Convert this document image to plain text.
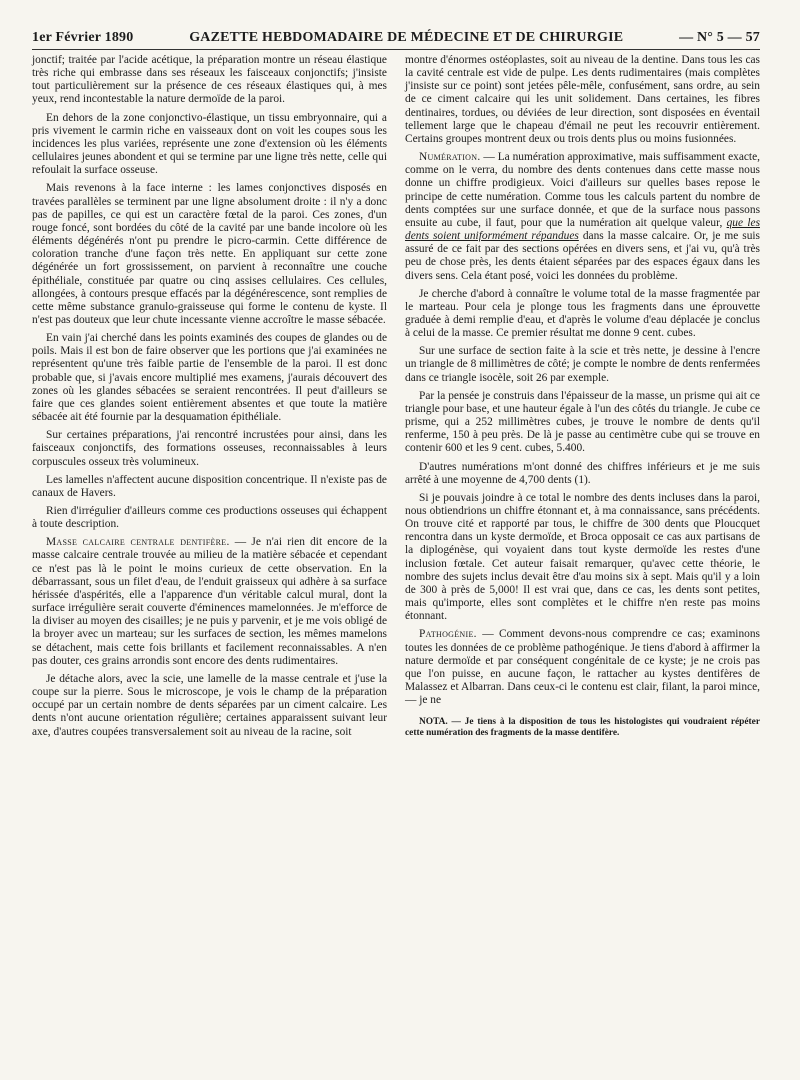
1er Février 1890	GAZETTE HEBDOMADAIRE DE MÉDECINE ET DE CHIRURGIE	— N° 5 — 57

jonctif; traitée par l'acide acétique, la préparation montre un réseau élastique très riche qui embrasse dans ses réseaux les faisceaux conjonctifs; j'insiste tout particulièrement sur la présence de ces réseaux élastiques qui, à mes yeux, rend incontestable la nature dermoïde de la paroi.

En dehors de la zone conjonctivo-élastique, un tissu embryonnaire, qui a pris vivement le carmin riche en vaisseaux dont on voit les coupes sous les incidences les plus variées, représente une zone d'extension où les éléments cellulaires jeunes abondent et qui se termine par une ligne très nette, celle qui refoulait la surface osseuse.

Mais revenons à la face interne : les lames conjonctives disposés en travées parallèles se terminent par une ligne absolument droite : il n'y a donc pas de papilles, ce qui est un caractère fœtal de la paroi. Ces zones, d'un rouge foncé, sont bordées du côté de la cavité par une bande incolore où les éléments dégénérés n'ont pu prendre le picro-carmin. Cette différence de coloration tranche d'une façon très nette. En appliquant sur cette zone dégénérée un fort grossissement, on parvient à reconnaître une couche épithéliale, constituée par quatre ou cinq assises cellulaires. Ces cellules, allongées, à contours presque effacés par la dégénérescence, sont remplies de cette même substance granulo-graisseuse qui forme le contenu de kyste. Il n'est pas douteux que leur chute incessante vienne accroître le masse sébacée.

En vain j'ai cherché dans les points examinés des coupes de glandes ou de poils. Mais il est bon de faire observer que les portions que j'ai examinées ne représentent qu'une très faible partie de l'ensemble de la paroi. Il est donc probable que, si j'avais encore multiplié mes examens, j'aurais découvert des zones où les glandes sébacées se seraient rencontrées. Il peut d'ailleurs se faire que ces glandes soient entièrement absentes et que toute la matière sébacée ait été fournie par la desquamation épithéliale.

Sur certaines préparations, j'ai rencontré incrustées pour ainsi, dans les faisceaux conjonctifs, des formations osseuses, reconnaissables à leurs corpuscules osseux très volumineux.

Les lamelles n'affectent aucune disposition concentrique. Il n'existe pas de canaux de Havers.

Rien d'irrégulier d'ailleurs comme ces productions osseuses qui échappent à toute description.

Masse calcaire centrale dentifère. — Je n'ai rien dit encore de la masse calcaire centrale trouvée au milieu de la matière sébacée et cependant ce n'est pas là le point le moins curieux de cette observation. En la débarrassant, sous un filet d'eau, de l'enduit graisseux qui adhère à sa surface hérissée d'aspérités, elle a l'apparence d'un véritable calcul mural, dont la surface irrégulière serait couverte d'éminences mamelonnées. Je m'efforce de la diviser au moyen des cisailles; je ne puis y parvenir, et je me vois obligé de la broyer avec un marteau; sur les surfaces de section, les mêmes mamelons se détachent, mais cette fois brillants et facilement reconnaissables. A n'en pas douter, ces grains arrondis sont encore des dents rudimentaires.

Je détache alors, avec la scie, une lamelle de la masse centrale et j'use la coupe sur la pierre. Sous le microscope, je vois le champ de la préparation occupé par un certain nombre de dents séparées par un ciment calcaire. Les dents n'ont aucune orientation régulière; certaines apparaissent suivant leur axe, d'autres coupées transversalement soit au niveau de la racine, soit

montre d'énormes ostéoplastes, soit au niveau de la dentine. Dans tous les cas la cavité centrale est vide de pulpe. Les dents rudimentaires (mais complètes j'insiste sur ce point) sont jetées pêle-mêle, confusément, sans ordre, au sein de ce ciment calcaire qui les unit solidement. Dans certaines, les fibres dentinaires, tordues, ou déviées de leur direction, sont disposées en éventail tellement large que le chapeau d'émail ne peut les recouvrir entièrement. Certains groupes montrent deux ou trois dents plus ou moins fusionnées.

Numération. — La numération approximative, mais suffisamment exacte, comme on le verra, du nombre des dents contenues dans cette masse nous donne un chiffre prodigieux. Voici d'ailleurs sur quelles bases repose le principe de cette numération. Comme tous les calculs partent du nombre de dents comptées sur une surface donnée, et que de la surface nous passons ensuite au cube, il faut, pour que la numération ait quelque valeur, que les dents soient uniformément répandues dans la masse calcaire. Or, je me suis assuré de ce fait par des sections opérées en divers sens, et j'ai vu, qu'à très peu de chose près, les dents étaient séparées par des espaces égaux dans les divers sens. Cela étant posé, voici les données du problème.

Je cherche d'abord à connaître le volume total de la masse fragmentée par le marteau. Pour cela je plonge tous les fragments dans une éprouvette graduée à demi remplie d'eau, et d'après le volume d'eau déplacée je conclus à celui de la masse. Ce premier résultat me donne 9 cent. cubes.

Sur une surface de section faite à la scie et très nette, je dessine à l'encre un triangle de 8 millimètres de côté; je compte le nombre de dents renfermées dans ce triangle isocèle, soit 26 par exemple.

Par la pensée je construis dans l'épaisseur de la masse, un prisme qui ait ce triangle pour base, et une hauteur égale à l'un des côtés du triangle. Je cube ce prisme, qui a 252 millimètres cubes, je trouve le nombre de dents qu'il renferme, 150 à peu près. De là je passe au centimètre cube qui se trouve en contenir 600 et les 9 cent. cubes, 5.400.

D'autres numérations m'ont donné des chiffres inférieurs et je me suis arrêté à une moyenne de 4,700 dents (1).

Si je pouvais joindre à ce total le nombre des dents incluses dans la paroi, nous obtiendrions un chiffre étonnant et, à ma connaissance, sans précédents. On trouve cité et rapporté par tous, le chiffre de 300 dents que Ploucquet rencontra dans un kyste dermoïde, et Broca opposait ce cas aux partisans de la diplogénèse, qui voyaient dans tout kyste dermoïde les restes d'une inclusion fœtale. Cet auteur faisait remarquer, qu'avec cette théorie, le nombre des sujets inclus devait être d'au moins six à sept. Mais qu'il y a loin de 300 à près de 5,000! Il est vrai que, dans ce cas, les dents sont petites, mais qu'importe, elles sont complètes et le chiffre n'en reste pas moins étonnant.

Pathogénie. — Comment devons-nous comprendre ce cas; examinons toutes les données de ce problème pathogénique. Je tiens d'abord à affirmer la nature dermoïde et par conséquent congénitale de ce kyste; je ne crois pas que l'on puisse, en aucune façon, le rattacher au kystes dentifères de Malassez et Albarran. Dans ceux-ci le contenu est clair, filant, la paroi mince, — je ne

NOTA. — Je tiens à la disposition de tous les histologistes qui voudraient répéter cette numération des fragments de la masse dentifère.
